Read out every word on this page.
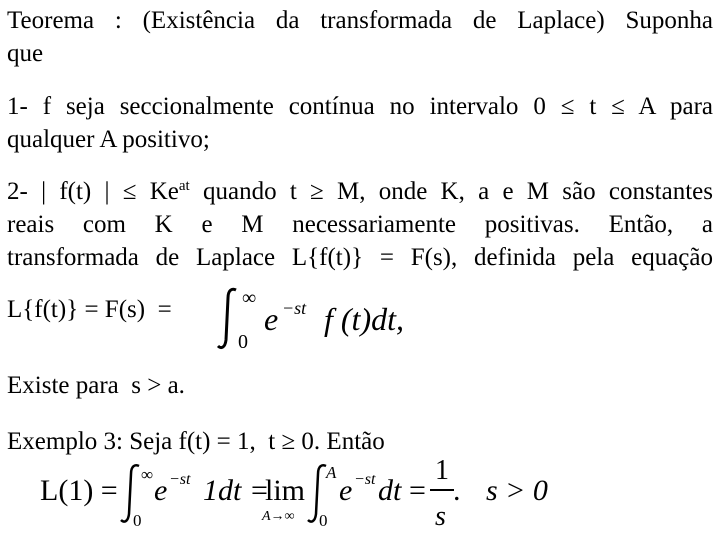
Teorema : (Existência da transformada de Laplace) Suponha
que

1- f seja seccionalmente contínua no intervalo 0 ≤ t ≤ A para
qualquer A positivo;

2- | f(t) | ≤ $Ke^{at}$ quando t ≥ M, onde K, a e M são constantes
reais com K e M necessariamente positivas. Então, a
transformada de Laplace L{f(t)} = F(s), definida pela equação

L{f(t)} = F(s)  =	∞
0
e −st f (t)dt,
Existe para  s > a.
Exemplo 3: Seja f(t) = 1,  t ≥ 0. Então
L(1) = ∞
0
e −st 1dt =
lim
A→∞
A
0
e −st dt =
1
s
. s > 0
